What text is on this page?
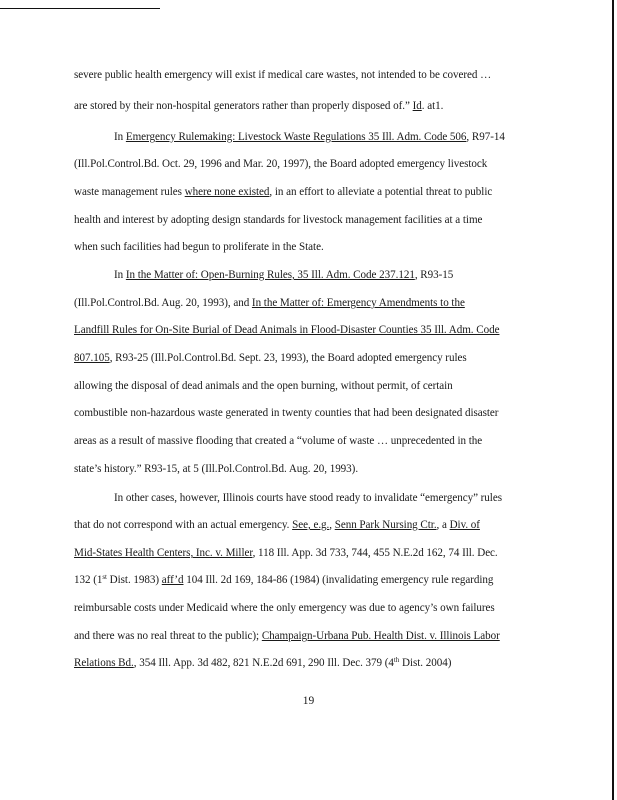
severe public health emergency will exist if medical care wastes, not intended to be covered …
are stored by their non-hospital generators rather than properly disposed of.” Id. at1.
In Emergency Rulemaking: Livestock Waste Regulations 35 Ill. Adm. Code 506, R97-14
(Ill.Pol.Control.Bd. Oct. 29, 1996 and Mar. 20, 1997), the Board adopted emergency livestock
waste management rules where none existed, in an effort to alleviate a potential threat to public
health and interest by adopting design standards for livestock management facilities at a time
when such facilities had begun to proliferate in the State.
In In the Matter of: Open-Burning Rules, 35 Ill. Adm. Code 237.121, R93-15
(Ill.Pol.Control.Bd. Aug. 20, 1993), and In the Matter of: Emergency Amendments to the
Landfill Rules for On-Site Burial of Dead Animals in Flood-Disaster Counties 35 Ill. Adm. Code
807.105, R93-25 (Ill.Pol.Control.Bd. Sept. 23, 1993), the Board adopted emergency rules
allowing the disposal of dead animals and the open burning, without permit, of certain
combustible non-hazardous waste generated in twenty counties that had been designated disaster
areas as a result of massive flooding that created a “volume of waste … unprecedented in the
state’s history.” R93-15, at 5 (Ill.Pol.Control.Bd. Aug. 20, 1993).
In other cases, however, Illinois courts have stood ready to invalidate “emergency” rules
that do not correspond with an actual emergency. See, e.g., Senn Park Nursing Ctr., a Div. of
Mid-States Health Centers, Inc. v. Miller, 118 Ill. App. 3d 733, 744, 455 N.E.2d 162, 74 Ill. Dec.
132 (1st Dist. 1983) aff’d 104 Ill. 2d 169, 184-86 (1984) (invalidating emergency rule regarding
reimbursable costs under Medicaid where the only emergency was due to agency’s own failures
and there was no real threat to the public); Champaign-Urbana Pub. Health Dist. v. Illinois Labor
Relations Bd., 354 Ill. App. 3d 482, 821 N.E.2d 691, 290 Ill. Dec. 379 (4th Dist. 2004)
19
